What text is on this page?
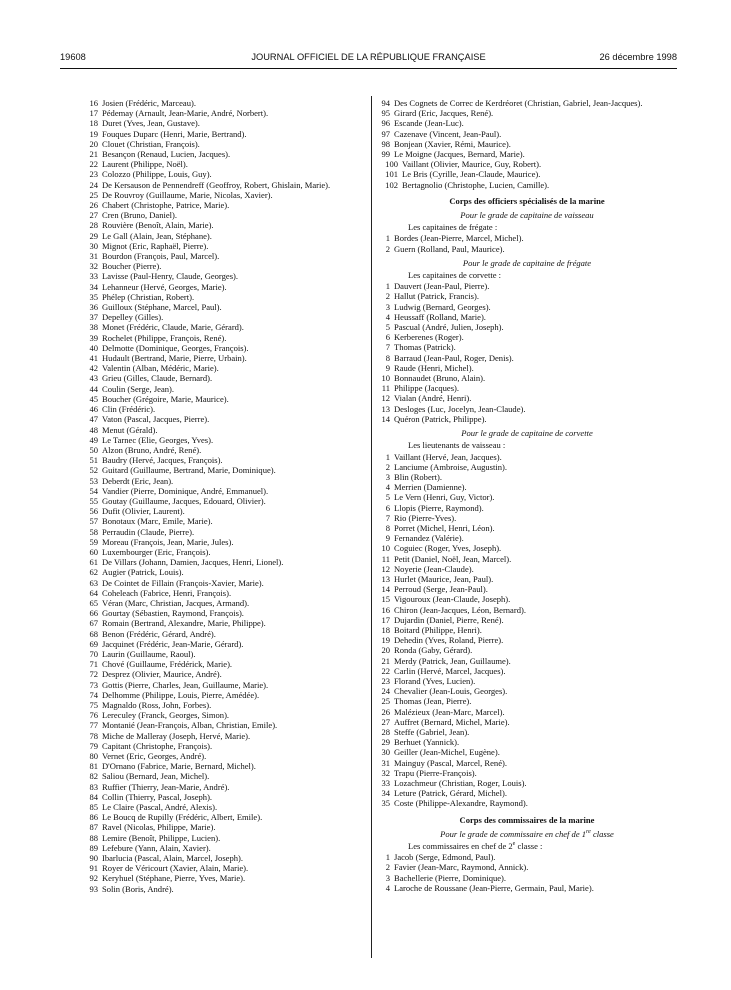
19608	JOURNAL OFFICIEL DE LA RÉPUBLIQUE FRANÇAISE	26 décembre 1998
16 Josien (Frédéric, Marceau).
17 Pédemay (Arnault, Jean-Marie, André, Norbert).
18 Duret (Yves, Jean, Gustave).
19 Fouques Duparc (Henri, Marie, Bertrand).
20 Clouet (Christian, François).
21 Besançon (Renaud, Lucien, Jacques).
22 Laurent (Philippe, Noël).
23 Colozzo (Philippe, Louis, Guy).
24 De Kersauson de Pennendreff (Geoffroy, Robert, Ghislain, Marie).
25 De Rouvroy (Guillaume, Marie, Nicolas, Xavier).
26 Chabert (Christophe, Patrice, Marie).
27 Cren (Bruno, Daniel).
28 Rouvière (Benoît, Alain, Marie).
29 Le Gall (Alain, Jean, Stéphane).
30 Mignot (Eric, Raphaël, Pierre).
31 Bourdon (François, Paul, Marcel).
32 Boucher (Pierre).
33 Lavisse (Paul-Henry, Claude, Georges).
34 Lehanneur (Hervé, Georges, Marie).
35 Phélep (Christian, Robert).
36 Guilloux (Stéphane, Marcel, Paul).
37 Depelley (Gilles).
38 Monet (Frédéric, Claude, Marie, Gérard).
39 Rochelet (Philippe, François, René).
40 Delmotte (Dominique, Georges, François).
41 Hudault (Bertrand, Marie, Pierre, Urbain).
42 Valentin (Alban, Médéric, Marie).
43 Grieu (Gilles, Claude, Bernard).
44 Coulin (Serge, Jean).
45 Boucher (Grégoire, Marie, Maurice).
46 Clin (Frédéric).
47 Vaton (Pascal, Jacques, Pierre).
48 Menut (Gérald).
49 Le Tarnec (Elie, Georges, Yves).
50 Alzon (Bruno, André, René).
51 Baudry (Hervé, Jacques, François).
52 Guitard (Guillaume, Bertrand, Marie, Dominique).
53 Deberdt (Eric, Jean).
54 Vandier (Pierre, Dominique, André, Emmanuel).
55 Goutay (Guillaume, Jacques, Edouard, Olivier).
56 Dufit (Olivier, Laurent).
57 Bonotaux (Marc, Emile, Marie).
58 Perraudin (Claude, Pierre).
59 Moreau (François, Jean, Marie, Jules).
60 Luxembourger (Eric, François).
61 De Villars (Johann, Damien, Jacques, Henri, Lionel).
62 Augier (Patrick, Louis).
63 De Cointet de Fillain (François-Xavier, Marie).
64 Coheleach (Fabrice, Henri, François).
65 Véran (Marc, Christian, Jacques, Armand).
66 Gourtay (Sébastien, Raymond, François).
67 Romain (Bertrand, Alexandre, Marie, Philippe).
68 Benon (Frédéric, Gérard, André).
69 Jacquinet (Frédéric, Jean-Marie, Gérard).
70 Laurin (Guillaume, Raoul).
71 Chové (Guillaume, Frédérick, Marie).
72 Desprez (Olivier, Maurice, André).
73 Gottis (Pierre, Charles, Jean, Guillaume, Marie).
74 Delhomme (Philippe, Louis, Pierre, Amédée).
75 Magnaldo (Ross, John, Forbes).
76 Lereculey (Franck, Georges, Simon).
77 Montanié (Jean-François, Alban, Christian, Emile).
78 Miche de Malleray (Joseph, Hervé, Marie).
79 Capitant (Christophe, François).
80 Vernet (Eric, Georges, André).
81 D'Ornano (Fabrice, Marie, Bernard, Michel).
82 Saliou (Bernard, Jean, Michel).
83 Ruffier (Thierry, Jean-Marie, André).
84 Collin (Thierry, Pascal, Joseph).
85 Le Claire (Pascal, André, Alexis).
86 Le Boucq de Rupilly (Frédéric, Albert, Emile).
87 Ravel (Nicolas, Philippe, Marie).
88 Lemire (Benoît, Philippe, Lucien).
89 Lefebure (Yann, Alain, Xavier).
90 Ibarlucia (Pascal, Alain, Marcel, Joseph).
91 Royer de Véricourt (Xavier, Alain, Marie).
92 Keryhuel (Stéphane, Pierre, Yves, Marie).
93 Solin (Boris, André).
94 Des Cognets de Correc de Kerdréoret (Christian, Gabriel, Jean-Jacques).
95 Girard (Eric, Jacques, René).
96 Escande (Jean-Luc).
97 Cazenave (Vincent, Jean-Paul).
98 Bonjean (Xavier, Rémi, Maurice).
99 Le Moigne (Jacques, Bernard, Marie).
100 Vaillant (Olivier, Maurice, Guy, Robert).
101 Le Bris (Cyrille, Jean-Claude, Maurice).
102 Bertagnolio (Christophe, Lucien, Camille).
Corps des officiers spécialisés de la marine
Pour le grade de capitaine de vaisseau
Les capitaines de frégate :
1 Bordes (Jean-Pierre, Marcel, Michel).
2 Guern (Rolland, Paul, Maurice).
Pour le grade de capitaine de frégate
Les capitaines de corvette :
1 Dauvert (Jean-Paul, Pierre).
2 Hallut (Patrick, Francis).
3 Ludwig (Bernard, Georges).
4 Heussaff (Rolland, Marie).
5 Pascual (André, Julien, Joseph).
6 Kerberenes (Roger).
7 Thomas (Patrick).
8 Barraud (Jean-Paul, Roger, Denis).
9 Raude (Henri, Michel).
10 Bonnaudet (Bruno, Alain).
11 Philippe (Jacques).
12 Vialan (André, Henri).
13 Desloges (Luc, Jocelyn, Jean-Claude).
14 Quéron (Patrick, Philippe).
Pour le grade de capitaine de corvette
Les lieutenants de vaisseau :
1 Vaillant (Hervé, Jean, Jacques).
2 Lanciume (Ambroise, Augustin).
3 Blin (Robert).
4 Merrien (Damienne).
5 Le Vern (Henri, Guy, Victor).
6 Llopis (Pierre, Raymond).
7 Rio (Pierre-Yves).
8 Porret (Michel, Henri, Léon).
9 Fernandez (Valérie).
10 Coguiec (Roger, Yves, Joseph).
11 Petit (Daniel, Noël, Jean, Marcel).
12 Noyerie (Jean-Claude).
13 Hurlet (Maurice, Jean, Paul).
14 Perroud (Serge, Jean-Paul).
15 Vigouroux (Jean-Claude, Joseph).
16 Chiron (Jean-Jacques, Léon, Bernard).
17 Dujardin (Daniel, Pierre, René).
18 Boitard (Philippe, Henri).
19 Dehedin (Yves, Roland, Pierre).
20 Ronda (Gaby, Gérard).
21 Merdy (Patrick, Jean, Guillaume).
22 Carlin (Hervé, Marcel, Jacques).
23 Florand (Yves, Lucien).
24 Chevalier (Jean-Louis, Georges).
25 Thomas (Jean, Pierre).
26 Malézieux (Jean-Marc, Marcel).
27 Auffret (Bernard, Michel, Marie).
28 Steffe (Gabriel, Jean).
29 Berhuet (Yannick).
30 Geiller (Jean-Michel, Eugène).
31 Mainguy (Pascal, Marcel, René).
32 Trapu (Pierre-François).
33 Lozachmeur (Christian, Roger, Louis).
34 Leture (Patrick, Gérard, Michel).
35 Coste (Philippe-Alexandre, Raymond).
Corps des commissaires de la marine
Pour le grade de commissaire en chef de 1re classe
Les commissaires en chef de 2e classe :
1 Jacob (Serge, Edmond, Paul).
2 Favier (Jean-Marc, Raymond, Annick).
3 Bachellerie (Pierre, Dominique).
4 Laroche de Roussane (Jean-Pierre, Germain, Paul, Marie).
